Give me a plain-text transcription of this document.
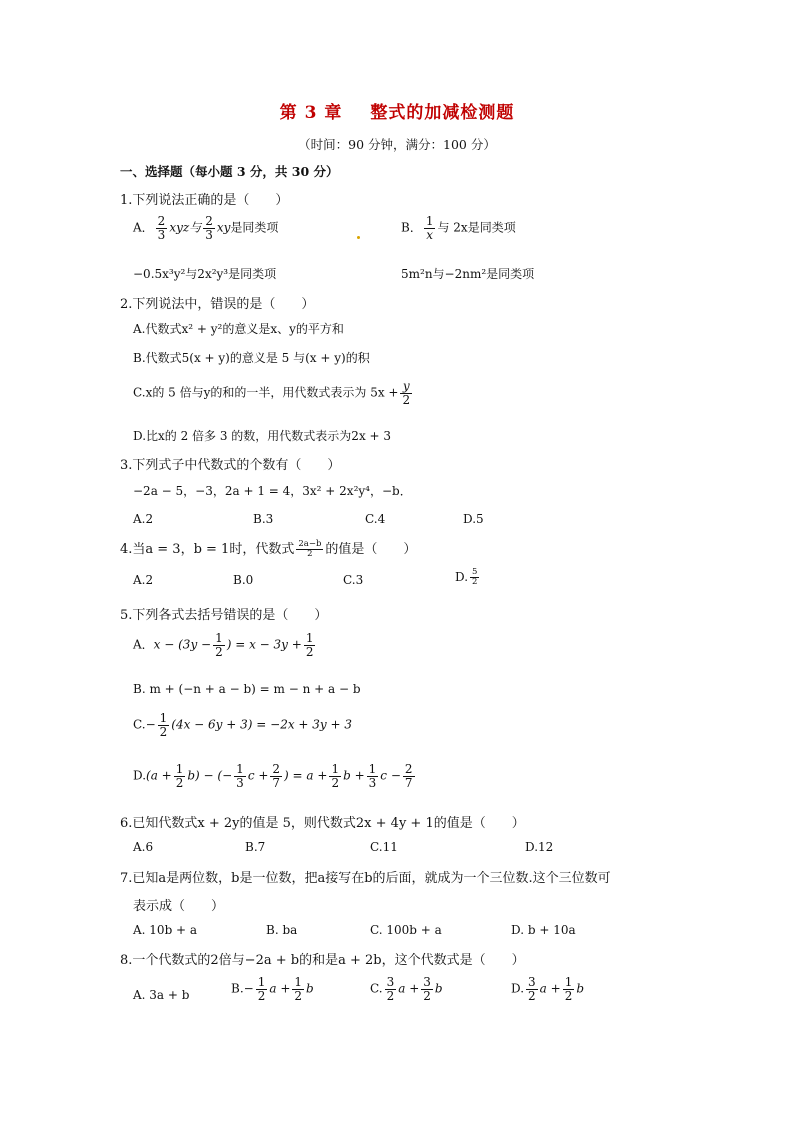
第 3 章 整式的加减检测题
（时间：90 分钟，满分：100 分）
一、选择题（每小题 3 分，共 30 分）
1.下列说法正确的是（　　）
A． $\frac{2}{3}$ xyz与 $\frac{2}{3}$ xy是同类项	B． $\frac{1}{x}$ 与 2x是同类项
−0.5x³y²与2x²y³是同类项	5m²n与−2nm²是同类项
2.下列说法中，错误的是（　　）
A.代数式x² + y²的意义是x、y的平方和
B.代数式5(x + y)的意义是 5 与(x + y)的积
C.x的 5 倍与y的和的一半，用代数式表示为 $5x + \frac{y}{2}$
D.比x的 2 倍多 3 的数，用代数式表示为2x + 3
3.下列式子中代数式的个数有（　　）
−2a − 5，−3，2a + 1 = 4，3x² + 2x²y⁴，−b．
A.2	B.3	C.4	D.5
4.当a = 3，b = 1时，代数式 $\frac{2a-b}{2}$ 的值是（　　）
A.2	B.0	C.3	D. $\frac{5}{2}$
5.下列各式去括号错误的是（　　）
A．$x - (3y - \frac{1}{2}$ ) = $x - 3y + \frac{1}{2}$
B. m + (−n + a − b) = m − n + a − b
$C.- \frac{1}{2} (4x - 6y + 3) = -2x + 3y + 3$
$D.(a + \frac{1}{2} b)$ − (− $\frac{1}{3}$ $c + \frac{2}{7}$ ) = $a + \frac{1}{2}$ $b + \frac{1}{3}$ $c - \frac{2}{7}$
6.已知代数式x + 2y的值是 5，则代数式2x + 4y + 1的值是（　　）
A.6	B.7	C.11	D.12
7.已知a是两位数，b是一位数，把a接写在b的后面，就成为一个三位数.这个三位数可
表示成（　　）
A. 10b + a	B. ba	C. 100b + a	D. b + 10a
8.一个代数式的2倍与−2a + b的和是a + 2b，这个代数式是（　　）
A. 3a + b	$B.- \frac{1}{2}$ $a + \frac{1}{2}$ b	C. $\frac{3}{2}$ $a + \frac{3}{2}$ b	D. $\frac{3}{2}$ $a + \frac{1}{2}$ b
